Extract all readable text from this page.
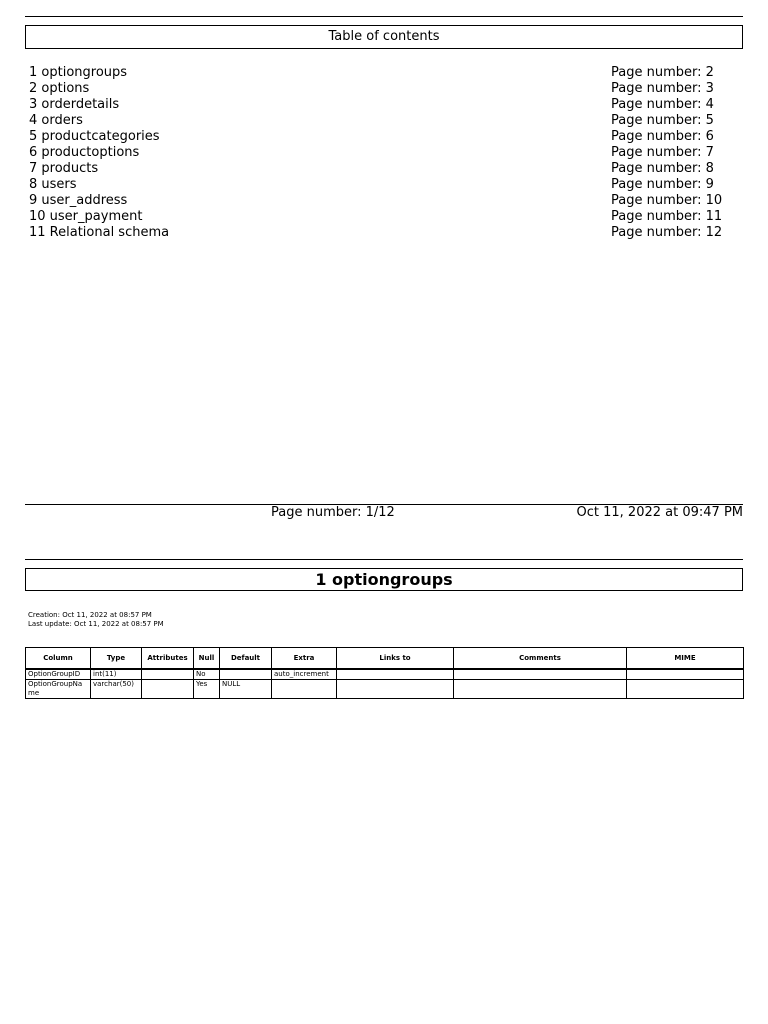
Table of contents
1 optiongroups	Page number: 2
2 options	Page number: 3
3 orderdetails	Page number: 4
4 orders	Page number: 5
5 productcategories	Page number: 6
6 productoptions	Page number: 7
7 products	Page number: 8
8 users	Page number: 9
9 user_address	Page number: 10
10 user_payment	Page number: 11
11 Relational schema	Page number: 12
Page number: 1/12	Oct 11, 2022 at 09:47 PM
1 optiongroups
Creation: Oct 11, 2022 at 08:57 PM
Last update: Oct 11, 2022 at 08:57 PM
Column	Type	Attributes	Null	Default	Extra	Links to	Comments	MIME
OptionGroupID	int(11)		No		auto_increment			
OptionGroupName	varchar(50)		Yes	NULL				
